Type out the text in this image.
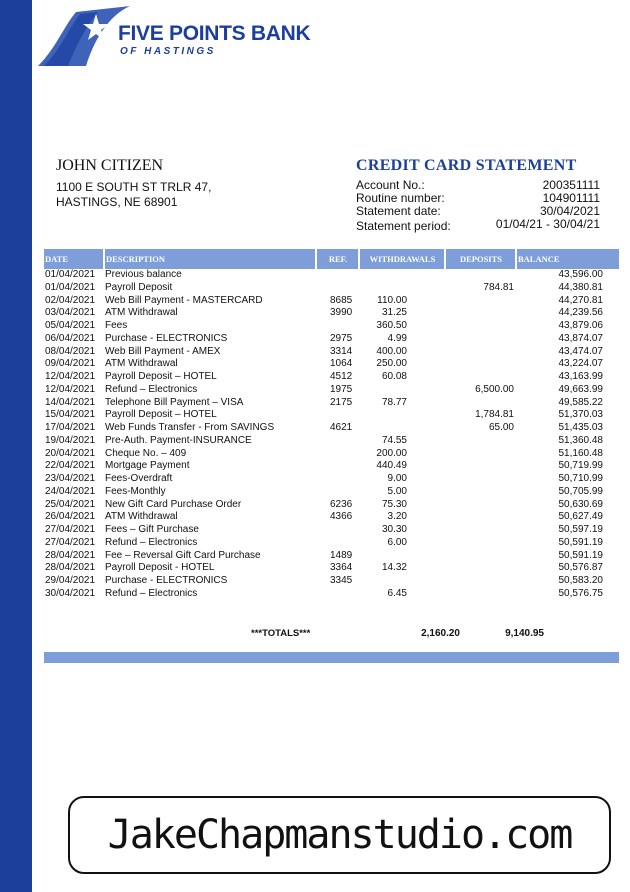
FIVE POINTS BANK
OF HASTINGS
JOHN CITIZEN
1100 E SOUTH ST TRLR 47,
HASTINGS, NE 68901
CREDIT CARD STATEMENT
Account No.:	200351111
Routine number:	104901111
Statement date:	30/04/2021
Statement period:	01/04/21 - 30/04/21
DATE	DESCRIPTION	REF.	WITHDRAWALS	DEPOSITS	BALANCE
01/04/2021	Previous balance				43,596.00
01/04/2021	Payroll Deposit			784.81	44,380.81
02/04/2021	Web Bill Payment - MASTERCARD	8685	110.00		44,270.81
03/04/2021	ATM Withdrawal	3990	31.25		44,239.56
05/04/2021	Fees		360.50		43,879.06
06/04/2021	Purchase - ELECTRONICS	2975	4.99		43,874.07
08/04/2021	Web Bill Payment - AMEX	3314	400.00		43,474.07
09/04/2021	ATM Withdrawal	1064	250.00		43,224.07
12/04/2021	Payroll Deposit – HOTEL	4512	60.08		43,163.99
12/04/2021	Refund – Electronics	1975		6,500.00	49,663.99
14/04/2021	Telephone Bill Payment – VISA	2175	78.77		49,585.22
15/04/2021	Payroll Deposit – HOTEL			1,784.81	51,370.03
17/04/2021	Web Funds Transfer - From SAVINGS	4621		65.00	51,435.03
19/04/2021	Pre-Auth. Payment-INSURANCE		74.55		51,360.48
20/04/2021	Cheque No. – 409		200.00		51,160.48
22/04/2021	Mortgage Payment		440.49		50,719.99
23/04/2021	Fees-Overdraft		9.00		50,710.99
24/04/2021	Fees-Monthly		5.00		50,705.99
25/04/2021	New Gift Card Purchase Order	6236	75.30		50,630.69
26/04/2021	ATM Withdrawal	4366	3.20		50,627.49
27/04/2021	Fees – Gift Purchase		30.30		50,597.19
27/04/2021	Refund – Electronics		6.00		50,591.19
28/04/2021	Fee – Reversal Gift Card Purchase	1489			50,591.19
28/04/2021	Payroll Deposit - HOTEL	3364	14.32		50,576.87
29/04/2021	Purchase - ELECTRONICS	3345			50,583.20
30/04/2021	Refund – Electronics		6.45		50,576.75
***TOTALS***	2,160.20	9,140.95
JakeChapmanstudio.com
